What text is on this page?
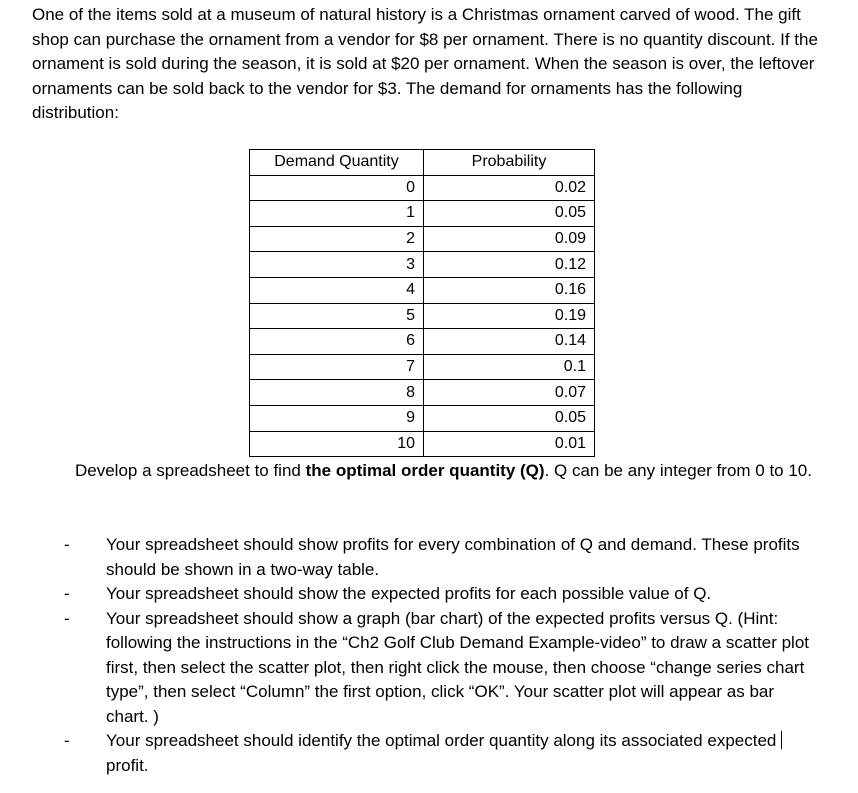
One of the items sold at a museum of natural history is a Christmas ornament carved of wood. The gift shop can purchase the ornament from a vendor for $8 per ornament. There is no quantity discount. If the ornament is sold during the season, it is sold at $20 per ornament. When the season is over, the leftover ornaments can be sold back to the vendor for $3. The demand for ornaments has the following distribution:

Demand Quantity	Probability
0	0.02
1	0.05
2	0.09
3	0.12
4	0.16
5	0.19
6	0.14
7	0.1
8	0.07
9	0.05
10	0.01

Develop a spreadsheet to find the optimal order quantity (Q). Q can be any integer from 0 to 10.

- Your spreadsheet should show profits for every combination of Q and demand. These profits should be shown in a two-way table.
- Your spreadsheet should show the expected profits for each possible value of Q.
- Your spreadsheet should show a graph (bar chart) of the expected profits versus Q. (Hint: following the instructions in the “Ch2 Golf Club Demand Example-video” to draw a scatter plot first, then select the scatter plot, then right click the mouse, then choose “change series chart type”, then select “Column” the first option, click “OK”. Your scatter plot will appear as bar chart. )
- Your spreadsheet should identify the optimal order quantity along its associated expected profit.
